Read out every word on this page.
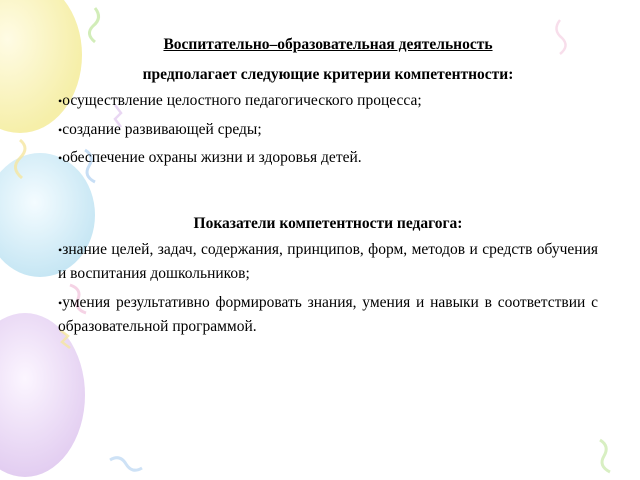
Воспитательно–образовательная деятельность

предполагает следующие критерии компетентности:

•осуществление целостного педагогического процесса;
•создание развивающей среды;
•обеспечение охраны жизни и здоровья детей.

Показатели компетентности педагога:

•знание целей, задач, содержания, принципов, форм, методов и средств обучения и воспитания дошкольников;
•умения результативно формировать знания, умения и навыки в соответствии с образовательной программой.
